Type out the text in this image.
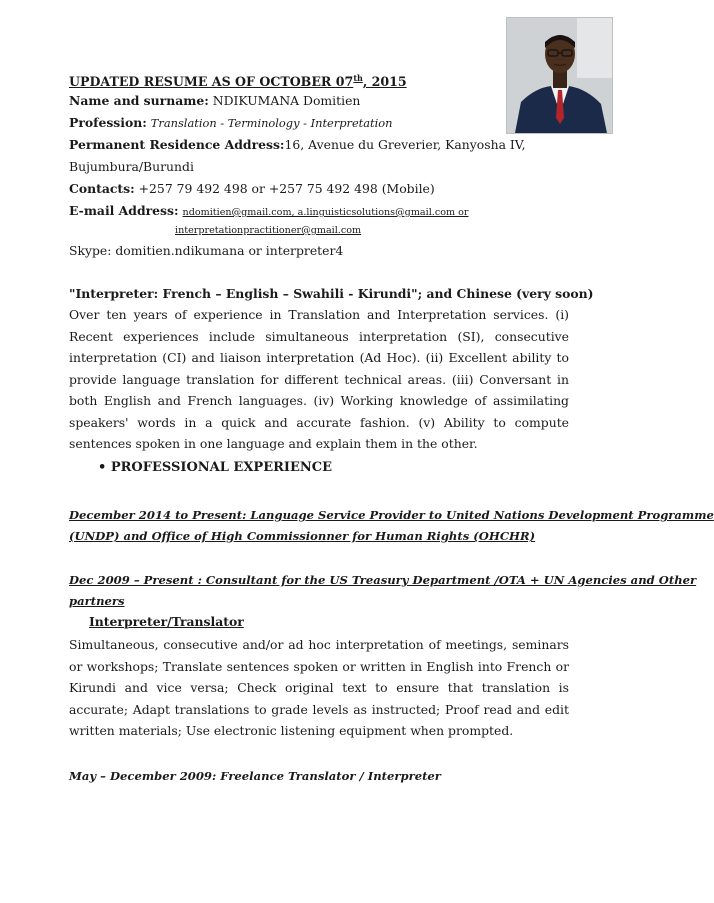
UPDATED RESUME AS OF OCTOBER 07th, 2015
Name and surname: NDIKUMANA Domitien
Profession: Translation - Terminology - Interpretation
Permanent Residence Address: 16, Avenue du Greverier, Kanyosha IV,
Bujumbura/Burundi
Contacts: +257 79 492 498 or +257 75 492 498 (Mobile)
E-mail Address: ndomitien@gmail.com, a.linguisticsolutions@gmail.com or
interpretationpractitioner@gmail.com
Skype: domitien.ndikumana or interpreter4
"Interpreter: French – English – Swahili - Kirundi"; and Chinese (very soon)
Over ten years of experience in Translation and Interpretation services. (i) Recent experiences include simultaneous interpretation (SI), consecutive interpretation (CI) and liaison interpretation (Ad Hoc). (ii) Excellent ability to provide language translation for different technical areas. (iii) Conversant in both English and French languages. (iv) Working knowledge of assimilating speakers' words in a quick and accurate fashion. (v) Ability to compute sentences spoken in one language and explain them in the other.
• PROFESSIONAL EXPERIENCE
December 2014 to Present: Language Service Provider to United Nations Development Programme
(UNDP) and Office of High Commissionner for Human Rights (OHCHR)
Dec 2009 – Present : Consultant for the US Treasury Department /OTA + UN Agencies and Other
partners
Interpreter/Translator
Simultaneous, consecutive and/or ad hoc interpretation of meetings, seminars or workshops; Translate sentences spoken or written in English into French or Kirundi and vice versa; Check original text to ensure that translation is accurate; Adapt translations to grade levels as instructed; Proof read and edit written materials; Use electronic listening equipment when prompted.
May – December 2009: Freelance Translator / Interpreter
